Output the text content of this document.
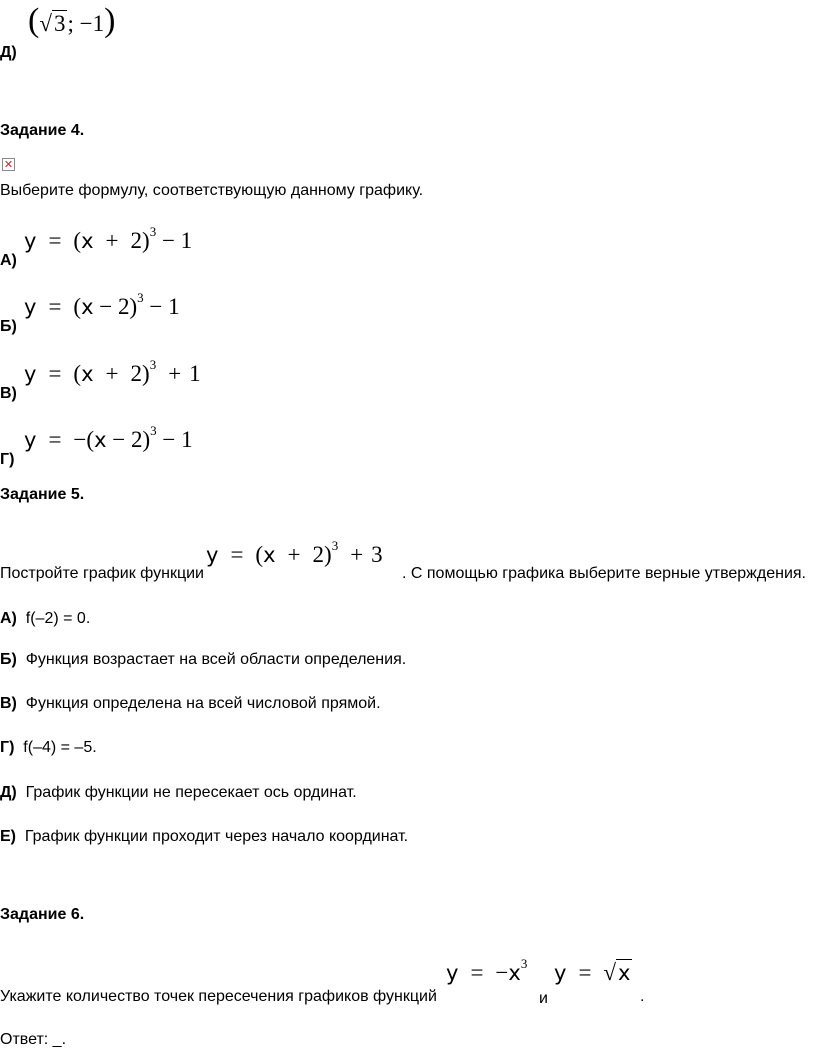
Д)
(√3; −1)
Задание 4.
✕
Выберите формулу, соответствующую данному графику.
А)
$y = (x + 2)^3 - 1$
Б)
$y = (x - 2)^3 - 1$
В)
$y = (x + 2)^3 + 1$
Г)
$y = -(x - 2)^3 - 1$
Задание 5.
Постройте график функции
$y = (x + 2)^3 + 3$
. С помощью графика выберите верные утверждения.
А) f(–2) = 0.
Б) Функция возрастает на всей области определения.
В) Функция определена на всей числовой прямой.
Г) f(–4) = –5.
Д) График функции не пересекает ось ординат.
Е) График функции проходит через начало координат.
Задание 6.
Укажите количество точек пересечения графиков функций
$y = -x^3$
и
y = √x
.
Ответ: _.
